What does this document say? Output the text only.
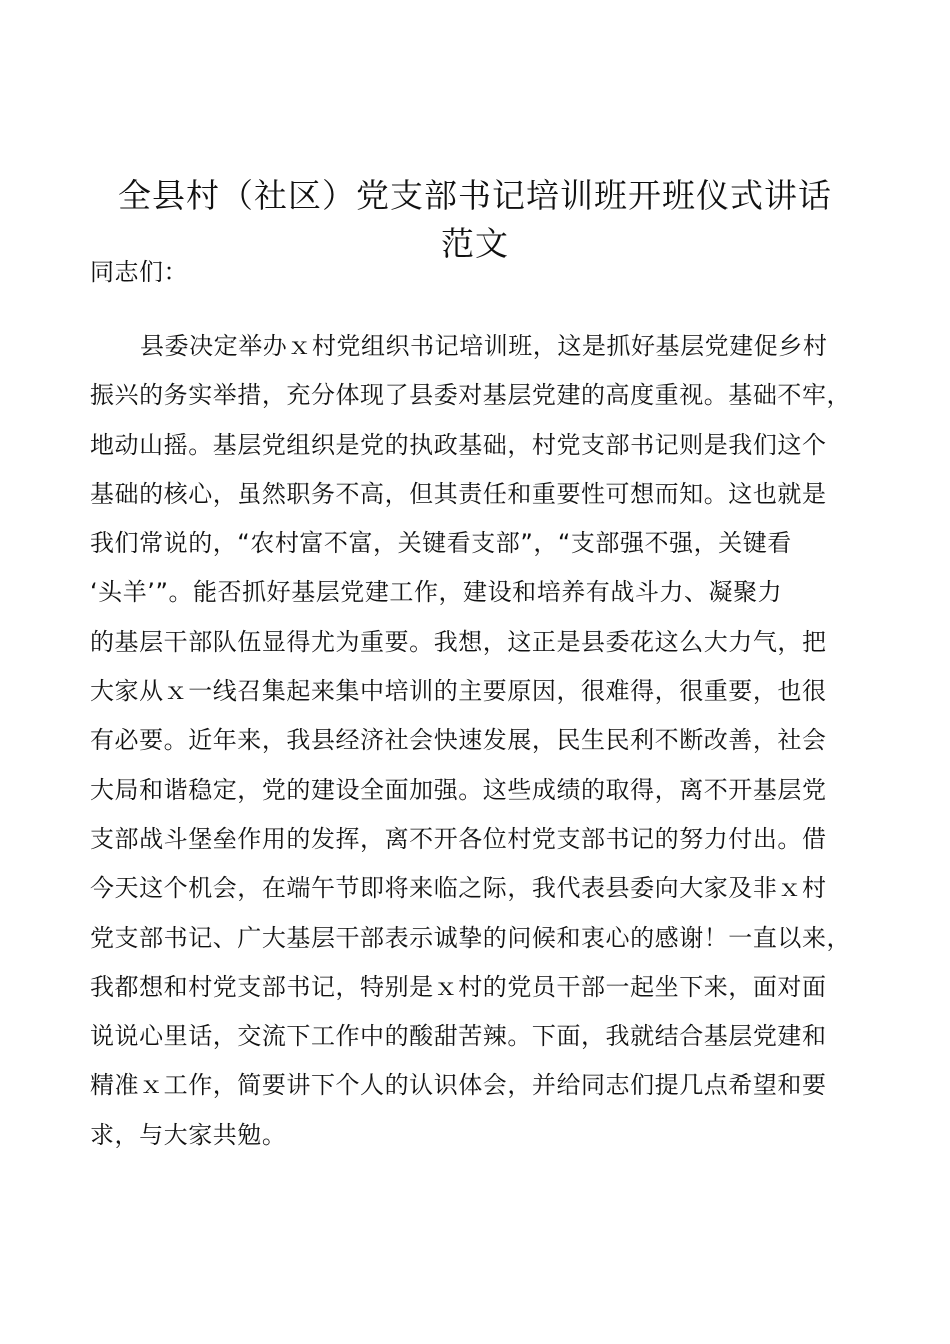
全县村（社区）党支部书记培训班开班仪式讲话
范文

同志们：

县委决定举办ｘ村党组织书记培训班，这是抓好基层党建促乡村
振兴的务实举措，充分体现了县委对基层党建的高度重视。基础不牢，
地动山摇。基层党组织是党的执政基础，村党支部书记则是我们这个
基础的核心，虽然职务不高，但其责任和重要性可想而知。这也就是
我们常说的，“农村富不富，关键看支部”，“支部强不强，关键看
‘头羊’”。能否抓好基层党建工作，建设和培养有战斗力、凝聚力
的基层干部队伍显得尤为重要。我想，这正是县委花这么大力气，把
大家从ｘ一线召集起来集中培训的主要原因，很难得，很重要，也很
有必要。近年来，我县经济社会快速发展，民生民利不断改善，社会
大局和谐稳定，党的建设全面加强。这些成绩的取得，离不开基层党
支部战斗堡垒作用的发挥，离不开各位村党支部书记的努力付出。借
今天这个机会，在端午节即将来临之际，我代表县委向大家及非ｘ村
党支部书记、广大基层干部表示诚挚的问候和衷心的感谢！一直以来，
我都想和村党支部书记，特别是ｘ村的党员干部一起坐下来，面对面
说说心里话，交流下工作中的酸甜苦辣。下面，我就结合基层党建和
精准ｘ工作，简要讲下个人的认识体会，并给同志们提几点希望和要
求，与大家共勉。
